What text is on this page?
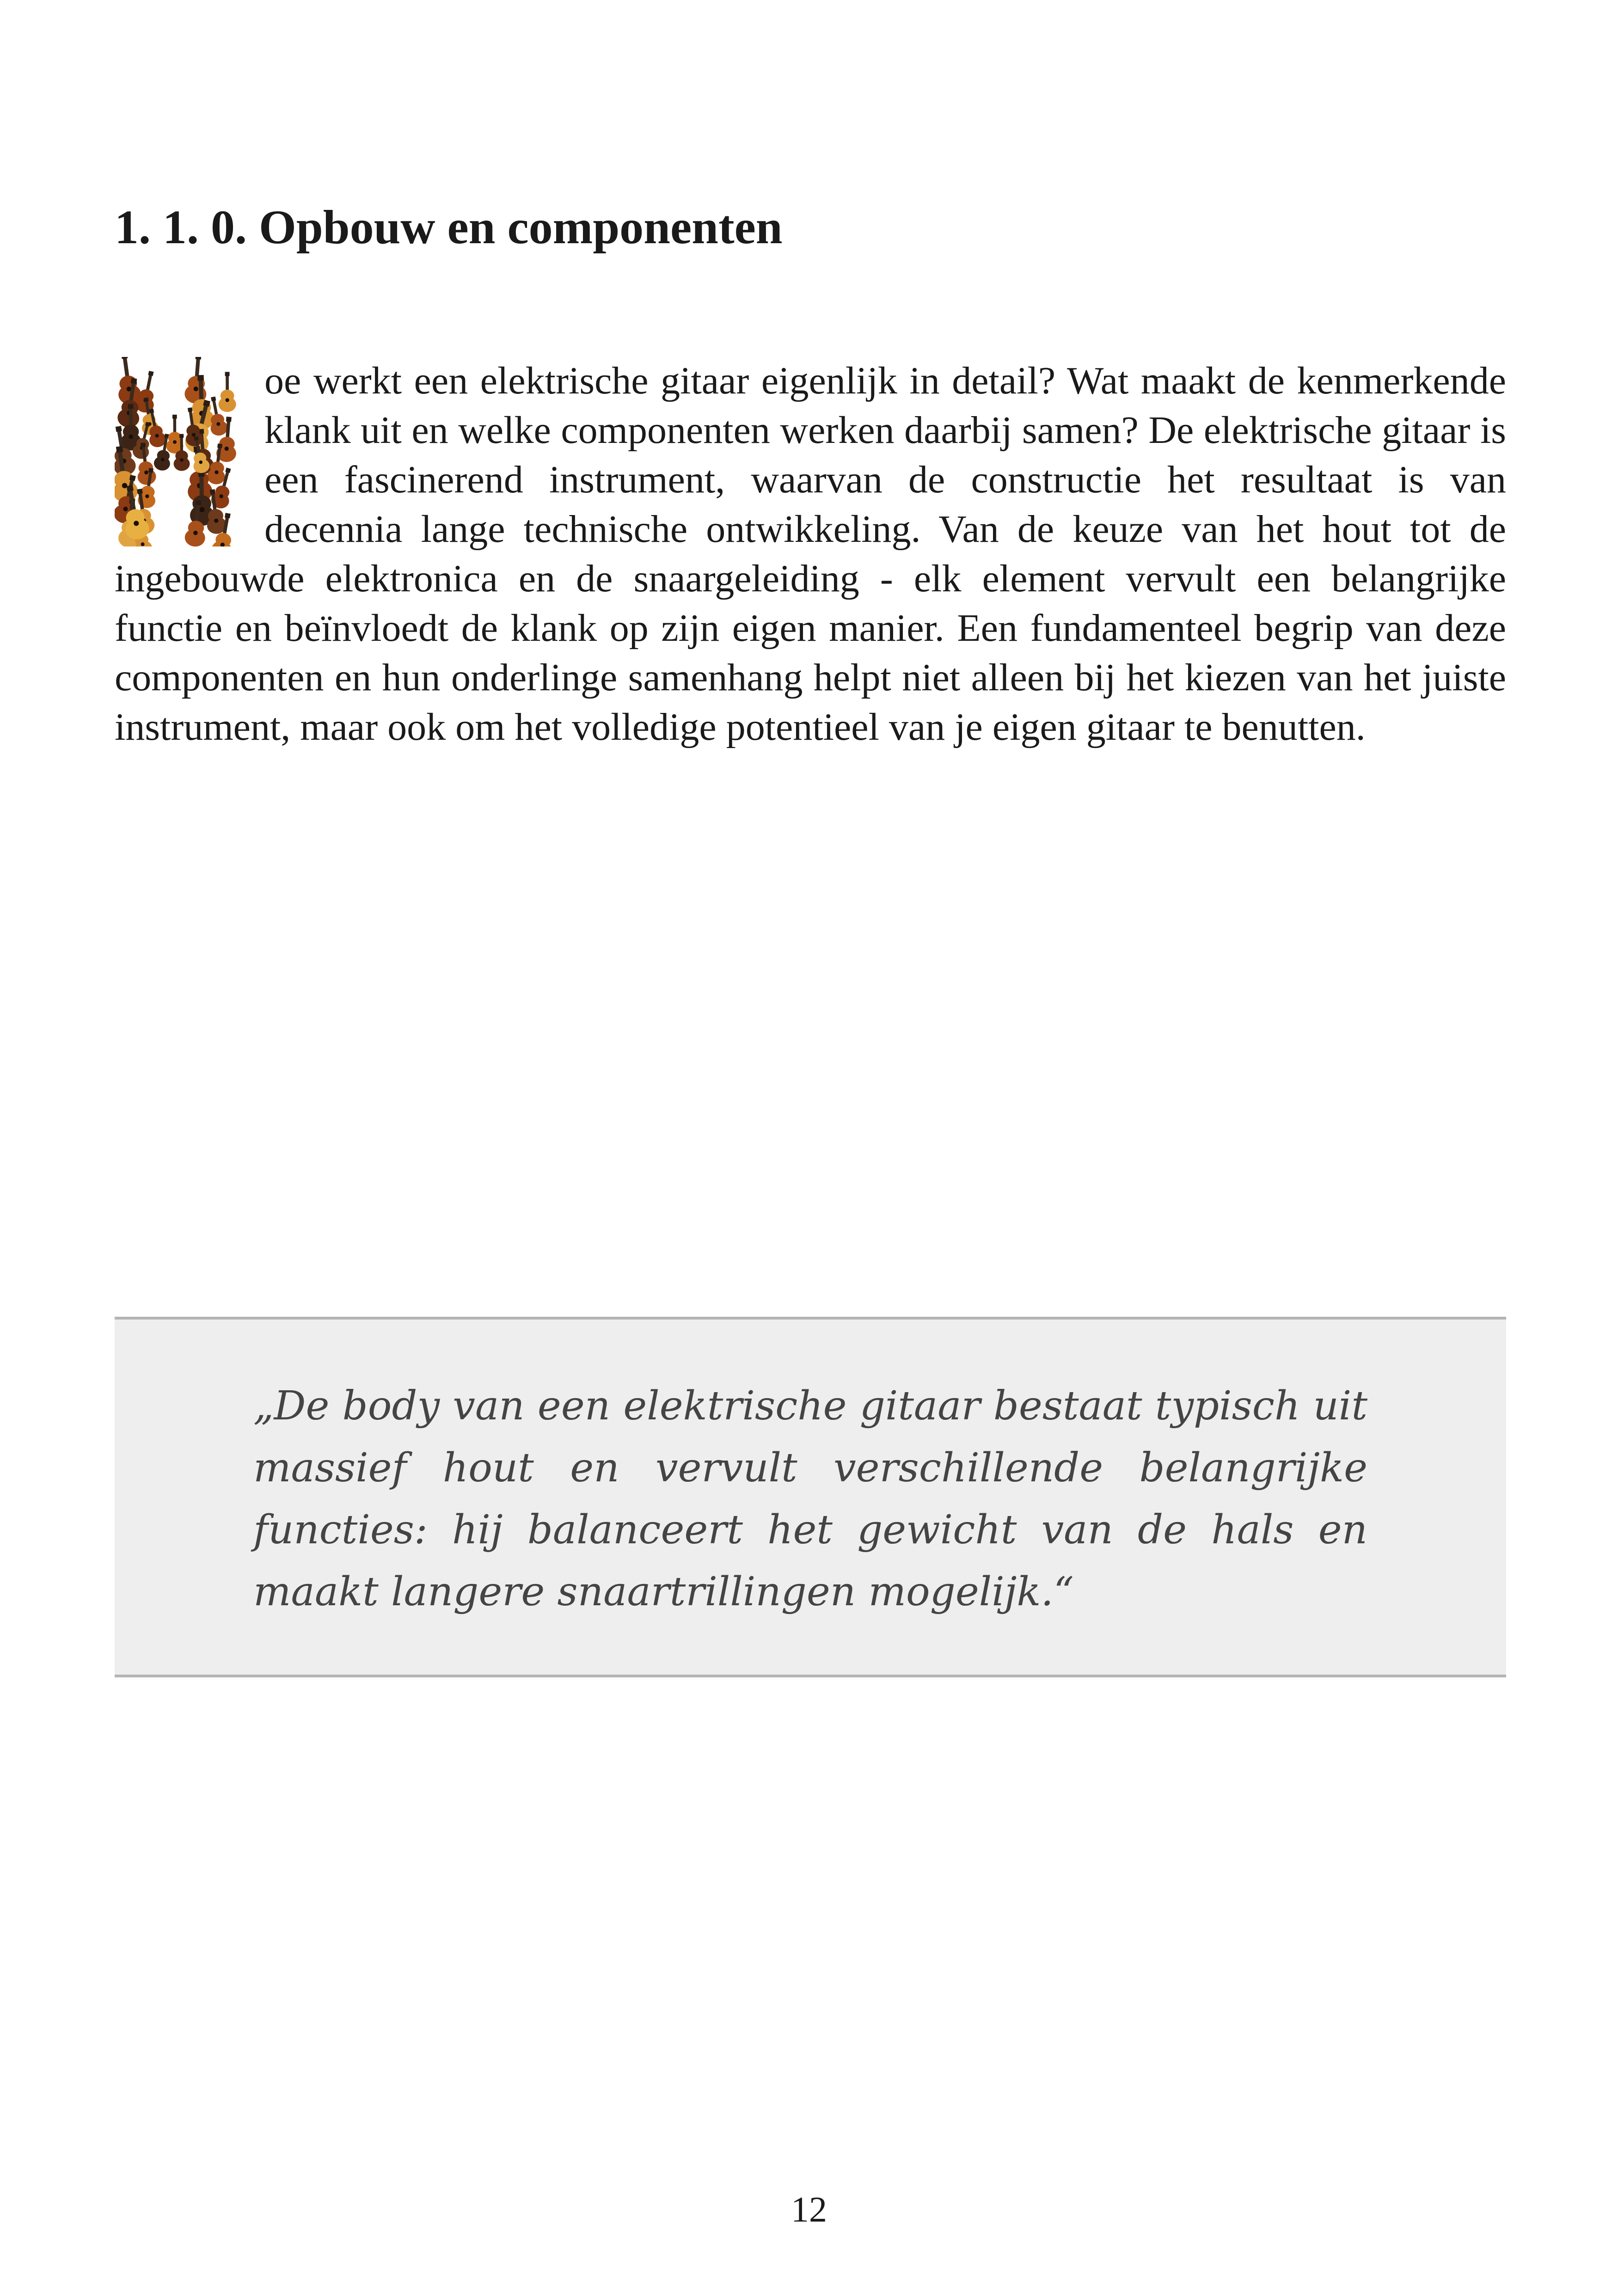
1. 1. 0. Opbouw en componenten

oe werkt een elektrische gitaar eigenlijk in detail? Wat maakt de kenmerkende klank uit en welke componenten werken daarbij samen? De elektrische gitaar is een fascinerend instrument, waarvan de constructie het resultaat is van decennia lange technische ontwikkeling. Van de keuze van het hout tot de ingebouwde elektronica en de snaargeleiding - elk element vervult een belangrijke functie en beïnvloedt de klank op zijn eigen manier. Een fundamenteel begrip van deze componenten en hun onderlinge samenhang helpt niet alleen bij het kiezen van het juiste instrument, maar ook om het volledige potentieel van je eigen gitaar te benutten.

„De body van een elektrische gitaar bestaat typisch uit massief hout en vervult verschillende belangrijke functies: hij balanceert het gewicht van de hals en maakt langere snaartrillingen mogelijk.“

12
